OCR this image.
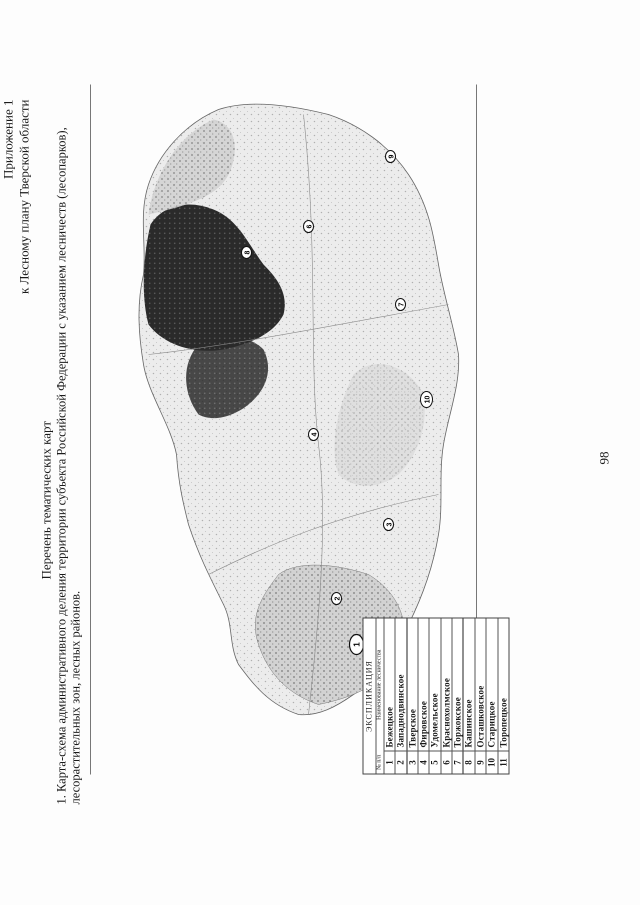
98
Приложение 1 к Лесному плану Тверской области
Перечень тематических карт 1. Карта-схема административного деления территории субъекта Российской Федерации с указанием лесничеств (лесопарков), лесорастительных зон, лесных районов.	1
2
3
4
6
7
8
9
10
ЭКСПЛИКАЦИЯ
№ п/п	Наименование лесничества
1	Бежецкое
2	Западнодвинское
3	Тверское
4	Фировское
5	Удомельское
6	Краснохолмское
7	Торжокское
8	Кашинское
9	Осташковское
10	Старицкое
11	Торопецкое
